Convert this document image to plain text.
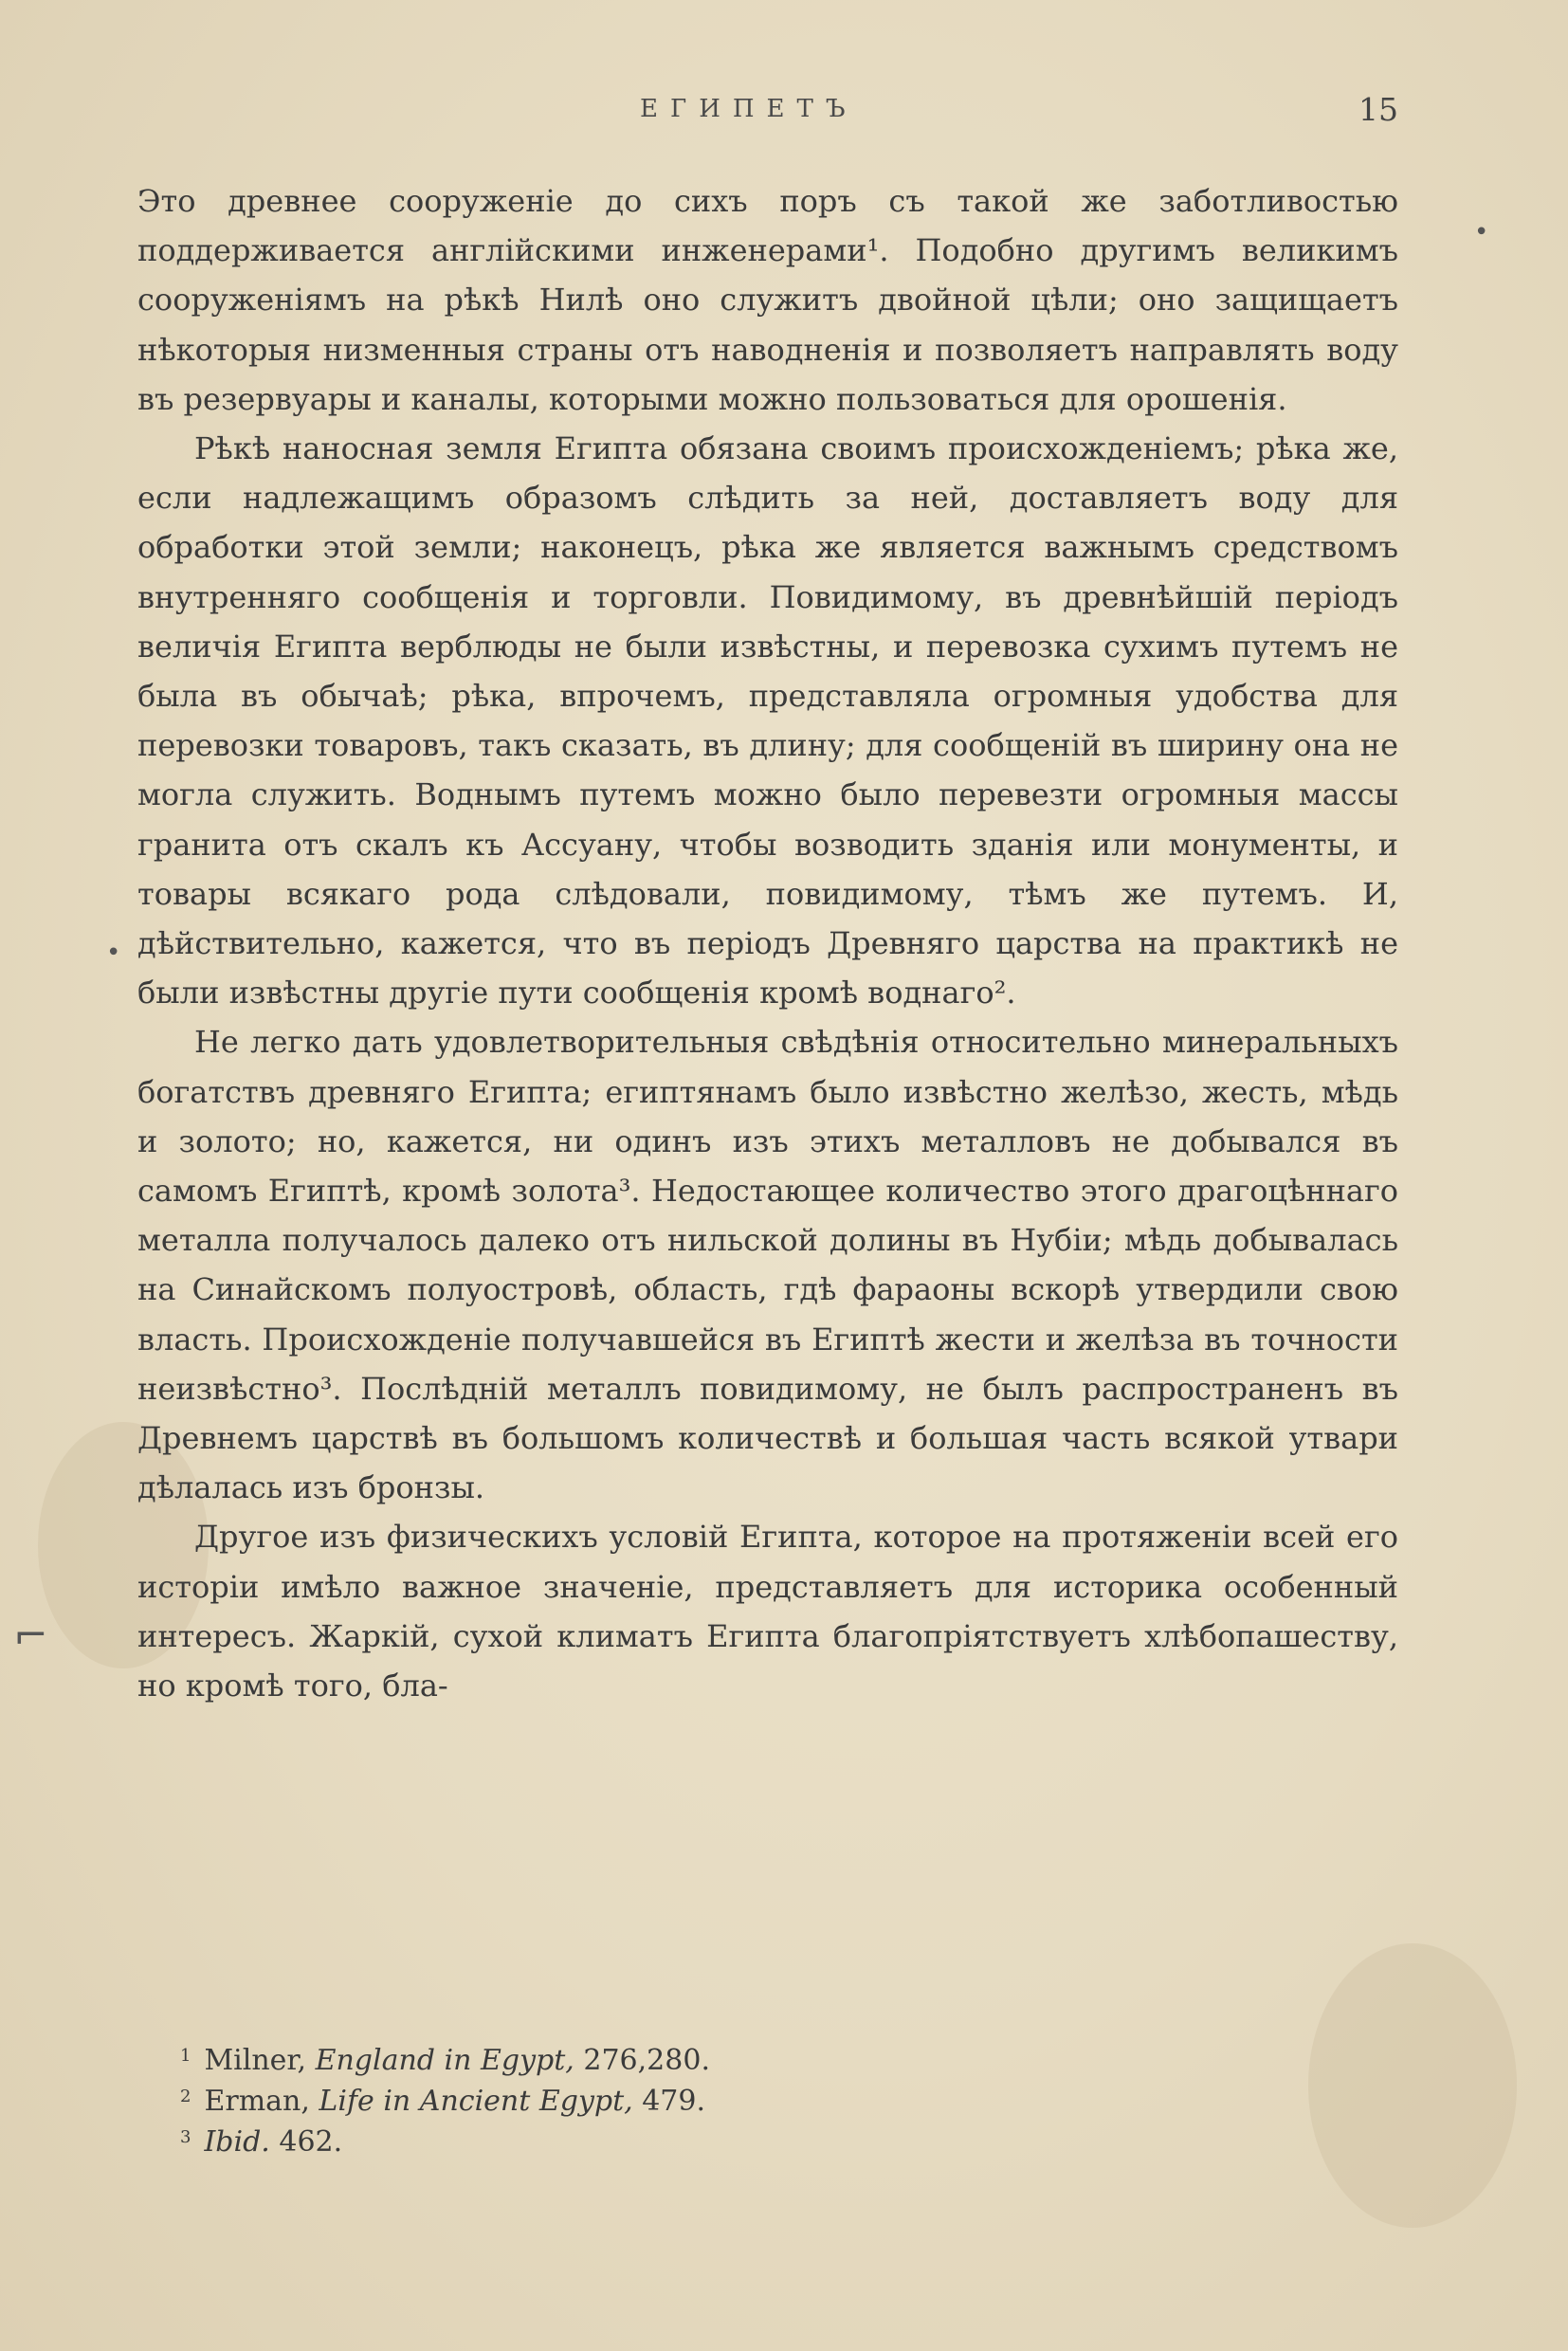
ЕГИПЕТЪ	15

Это древнее сооруженіе до сихъ поръ съ такой же заботливостью поддерживается англійскими инженерами¹. Подобно другимъ великимъ сооруженіямъ на рѣкѣ Нилѣ оно служитъ двойной цѣли; оно защищаетъ нѣкоторыя низменныя страны отъ наводненія и позволяетъ направлять воду въ резервуары и каналы, которыми можно пользоваться для орошенія.

Рѣкѣ наносная земля Египта обязана своимъ происхожденіемъ; рѣка же, если надлежащимъ образомъ слѣдить за ней, доставляетъ воду для обработки этой земли; наконецъ, рѣка же является важнымъ средствомъ внутренняго сообщенія и торговли. Повидимому, въ древнѣйшій періодъ величія Египта верблюды не были извѣстны, и перевозка сухимъ путемъ не была въ обычаѣ; рѣка, впрочемъ, представляла огромныя удобства для перевозки товаровъ, такъ сказать, въ длину; для сообщеній въ ширину она не могла служить. Воднымъ путемъ можно было перевезти огромныя массы гранита отъ скалъ къ Ассуану, чтобы возводить зданія или монументы, и товары всякаго рода слѣдовали, повидимому, тѣмъ же путемъ. И, дѣйствительно, кажется, что въ періодъ Древняго царства на практикѣ не были извѣстны другіе пути сообщенія кромѣ воднаго².

Не легко дать удовлетворительныя свѣдѣнія относительно минеральныхъ богатствъ древняго Египта; египтянамъ было извѣстно желѣзо, жесть, мѣдь и золото; но, кажется, ни одинъ изъ этихъ металловъ не добывался въ самомъ Египтѣ, кромѣ золота³. Недостающее количество этого драгоцѣннаго металла получалось далеко отъ нильской долины въ Нубіи; мѣдь добывалась на Синайскомъ полуостровѣ, область, гдѣ фараоны вскорѣ утвердили свою власть. Происхожденіе получавшейся въ Египтѣ жести и желѣза въ точности неизвѣстно³. Послѣдній металлъ повидимому, не былъ распространенъ въ Древнемъ царствѣ въ большомъ количествѣ и большая часть всякой утвари дѣлалась изъ бронзы.

Другое изъ физическихъ условій Египта, которое на протяженіи всей его исторіи имѣло важное значеніе, представляетъ для историка особенный интересъ. Жаркій, сухой климатъ Египта благопріятствуетъ хлѣбопашеству, но кромѣ того, бла-

$^1$ Milner, England in Egypt, 276,280.
$^2$ Erman, Life in Ancient Egypt, 479.
$^3$ Ibid. 462.
•
•
⌐
